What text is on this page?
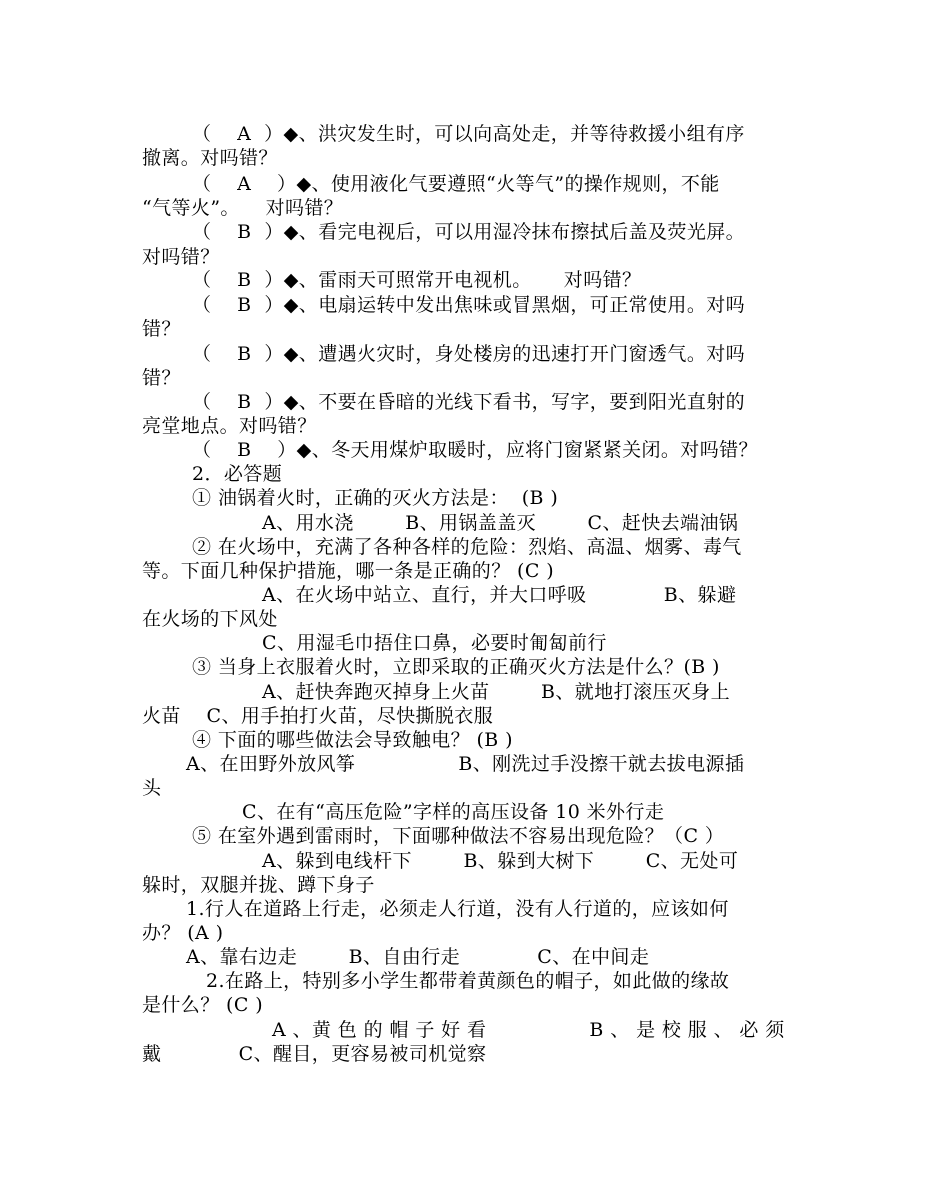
（    A  ）◆、洪灾发生时，可以向高处走，并等待救援小组有序
撤离。对吗错？
（    A    ）◆、使用液化气要遵照“火等气”的操作规则，不能
“气等火”。    对吗错？
（    B  ）◆、看完电视后，可以用湿冷抹布擦拭后盖及荧光屏。
对吗错？
（    B  ）◆、雷雨天可照常开电视机。     对吗错？
（    B  ）◆、电扇运转中发出焦味或冒黑烟，可正常使用。对吗
错？
（    B  ）◆、遭遇火灾时，身处楼房的迅速打开门窗透气。对吗
错？
（    B  ）◆、不要在昏暗的光线下看书，写字，要到阳光直射的
亮堂地点。对吗错？
（    B    ）◆、冬天用煤炉取暖时，应将门窗紧紧关闭。对吗错？
2．必答题
① 油锅着火时，正确的灭火方法是：  (B )
A、用水浇        B、用锅盖盖灭        C、赶快去端油锅
② 在火场中，充满了各种各样的危险：烈焰、高温、烟雾、毒气
等。下面几种保护措施，哪一条是正确的？ (C )
A、在火场中站立、直行，并大口呼吸            B、躲避
在火场的下风处
C、用湿毛巾捂住口鼻，必要时匍匐前行
③ 当身上衣服着火时，立即采取的正确灭火方法是什么？(B )
A、赶快奔跑灭掉身上火苗        B、就地打滚压灭身上
火苗    C、用手拍打火苗，尽快撕脱衣服
④ 下面的哪些做法会导致触电？ (B )
A、在田野外放风筝                B、刚洗过手没擦干就去拔电源插
头
C、在有“高压危险”字样的高压设备 10 米外行走
⑤ 在室外遇到雷雨时，下面哪种做法不容易出现危险？（C ）
A、躲到电线杆下        B、躲到大树下        C、无处可
躲时，双腿并拢、蹲下身子
1.行人在道路上行走，必须走人行道，没有人行道的，应该如何
办？ (A )
A、靠右边走        B、自由行走            C、在中间走
2.在路上，特别多小学生都带着黄颜色的帽子，如此做的缘故
是什么？ (C )
A 、黄 色 的 帽 子 好 看                B 、 是 校 服 、 必 须
戴            C、醒目，更容易被司机觉察
